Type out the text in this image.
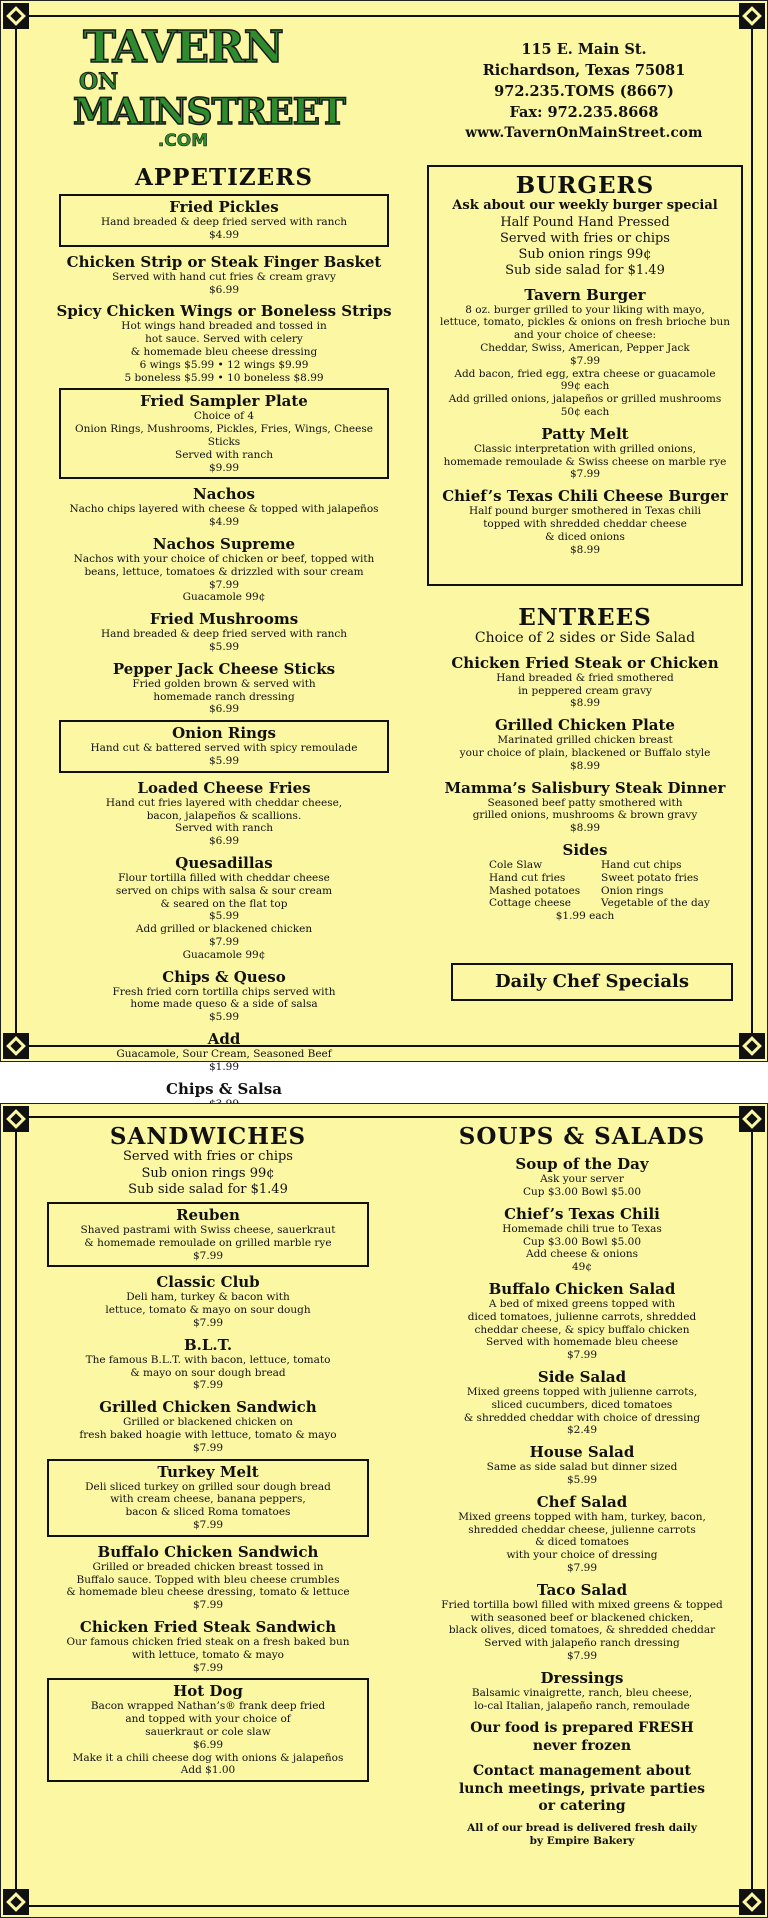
TAVERN
ON
MAINSTREET
.COM
115 E. Main St.
Richardson, Texas 75081
972.235.TOMS (8667)
Fax: 972.235.8668
www.TavernOnMainStreet.com
APPETIZERS
Fried Pickles
Hand breaded & deep fried served with ranch
$4.99
Chicken Strip or Steak Finger Basket
Served with hand cut fries & cream gravy
$6.99
Spicy Chicken Wings or Boneless Strips
Hot wings hand breaded and tossed in
hot sauce. Served with celery
& homemade bleu cheese dressing
6 wings $5.99 • 12 wings $9.99
5 boneless $5.99 • 10 boneless $8.99
Fried Sampler Plate
Choice of 4
Onion Rings, Mushrooms, Pickles, Fries, Wings, Cheese Sticks
Served with ranch
$9.99
Nachos
Nacho chips layered with cheese & topped with jalapeños
$4.99
Nachos Supreme
Nachos with your choice of chicken or beef, topped with
beans, lettuce, tomatoes & drizzled with sour cream
$7.99
Guacamole 99¢
Fried Mushrooms
Hand breaded & deep fried served with ranch
$5.99
Pepper Jack Cheese Sticks
Fried golden brown & served with
homemade ranch dressing
$6.99
Onion Rings
Hand cut & battered served with spicy remoulade
$5.99
Loaded Cheese Fries
Hand cut fries layered with cheddar cheese,
bacon, jalapeños & scallions.
Served with ranch
$6.99
Quesadillas
Flour tortilla filled with cheddar cheese
served on chips with salsa & sour cream
& seared on the flat top
$5.99
Add grilled or blackened chicken
$7.99
Guacamole 99¢
Chips & Queso
Fresh fried corn tortilla chips served with
home made queso & a side of salsa
$5.99
Add
Guacamole, Sour Cream, Seasoned Beef
$1.99
Chips & Salsa
BURGERS
Ask about our weekly burger special
Half Pound Hand Pressed
Served with fries or chips
Sub onion rings 99¢
Sub side salad for $1.49
Tavern Burger
8 oz. burger grilled to your liking with mayo,
lettuce, tomato, pickles & onions on fresh brioche bun
and your choice of cheese:
Cheddar, Swiss, American, Pepper Jack
$7.99
Add bacon, fried egg, extra cheese or guacamole
99¢ each
Add grilled onions, jalapeños or grilled mushrooms
50¢ each
Patty Melt
Classic interpretation with grilled onions,
homemade remoulade & Swiss cheese on marble rye
$7.99
Chief’s Texas Chili Cheese Burger
Half pound burger smothered in Texas chili
topped with shredded cheddar cheese
& diced onions
$8.99
ENTREES
Choice of 2 sides or Side Salad
Chicken Fried Steak or Chicken
Hand breaded & fried smothered
in peppered cream gravy
$8.99
Grilled Chicken Plate
Marinated grilled chicken breast
your choice of plain, blackened or Buffalo style
$8.99
Mamma’s Salisbury Steak Dinner
Seasoned beef patty smothered with
grilled onions, mushrooms & brown gravy
$8.99
Sides
Cole Slaw	Hand cut chips
Hand cut fries	Sweet potato fries
Mashed potatoes	Onion rings
Cottage cheese	Vegetable of the day
$1.99 each
Daily Chef Specials
SANDWICHES
Served with fries or chips
Sub onion rings 99¢
Sub side salad for $1.49
Reuben
Shaved pastrami with Swiss cheese, sauerkraut
& homemade remoulade on grilled marble rye
$7.99
Classic Club
Deli ham, turkey & bacon with
lettuce, tomato & mayo on sour dough
$7.99
B.L.T.
The famous B.L.T. with bacon, lettuce, tomato
& mayo on sour dough bread
$7.99
Grilled Chicken Sandwich
Grilled or blackened chicken on
fresh baked hoagie with lettuce, tomato & mayo
$7.99
Turkey Melt
Deli sliced turkey on grilled sour dough bread
with cream cheese, banana peppers,
bacon & sliced Roma tomatoes
$7.99
Buffalo Chicken Sandwich
Grilled or breaded chicken breast tossed in
Buffalo sauce. Topped with bleu cheese crumbles
& homemade bleu cheese dressing, tomato & lettuce
$7.99
Chicken Fried Steak Sandwich
Our famous chicken fried steak on a fresh baked bun
with lettuce, tomato & mayo
$7.99
Hot Dog
Bacon wrapped Nathan’s® frank deep fried
and topped with your choice of
sauerkraut or cole slaw
$6.99
Make it a chili cheese dog with onions & jalapeños
Add $1.00
SOUPS & SALADS
Soup of the Day
Ask your server
Cup $3.00 Bowl $5.00
Chief’s Texas Chili
Homemade chili true to Texas
Cup $3.00 Bowl $5.00
Add cheese & onions
49¢
Buffalo Chicken Salad
A bed of mixed greens topped with
diced tomatoes, julienne carrots, shredded
cheddar cheese, & spicy buffalo chicken
Served with homemade bleu cheese
$7.99
Side Salad
Mixed greens topped with julienne carrots,
sliced cucumbers, diced tomatoes
& shredded cheddar with choice of dressing
$2.49
House Salad
Same as side salad but dinner sized
$5.99
Chef Salad
Mixed greens topped with ham, turkey, bacon,
shredded cheddar cheese, julienne carrots
& diced tomatoes
with your choice of dressing
$7.99
Taco Salad
Fried tortilla bowl filled with mixed greens & topped
with seasoned beef or blackened chicken,
black olives, diced tomatoes, & shredded cheddar
Served with jalapeño ranch dressing
$7.99
Dressings
Balsamic vinaigrette, ranch, bleu cheese,
lo-cal Italian, jalapeño ranch, remoulade
Our food is prepared FRESH
never frozen
Contact management about
lunch meetings, private parties
or catering
All of our bread is delivered fresh daily
by Empire Bakery
